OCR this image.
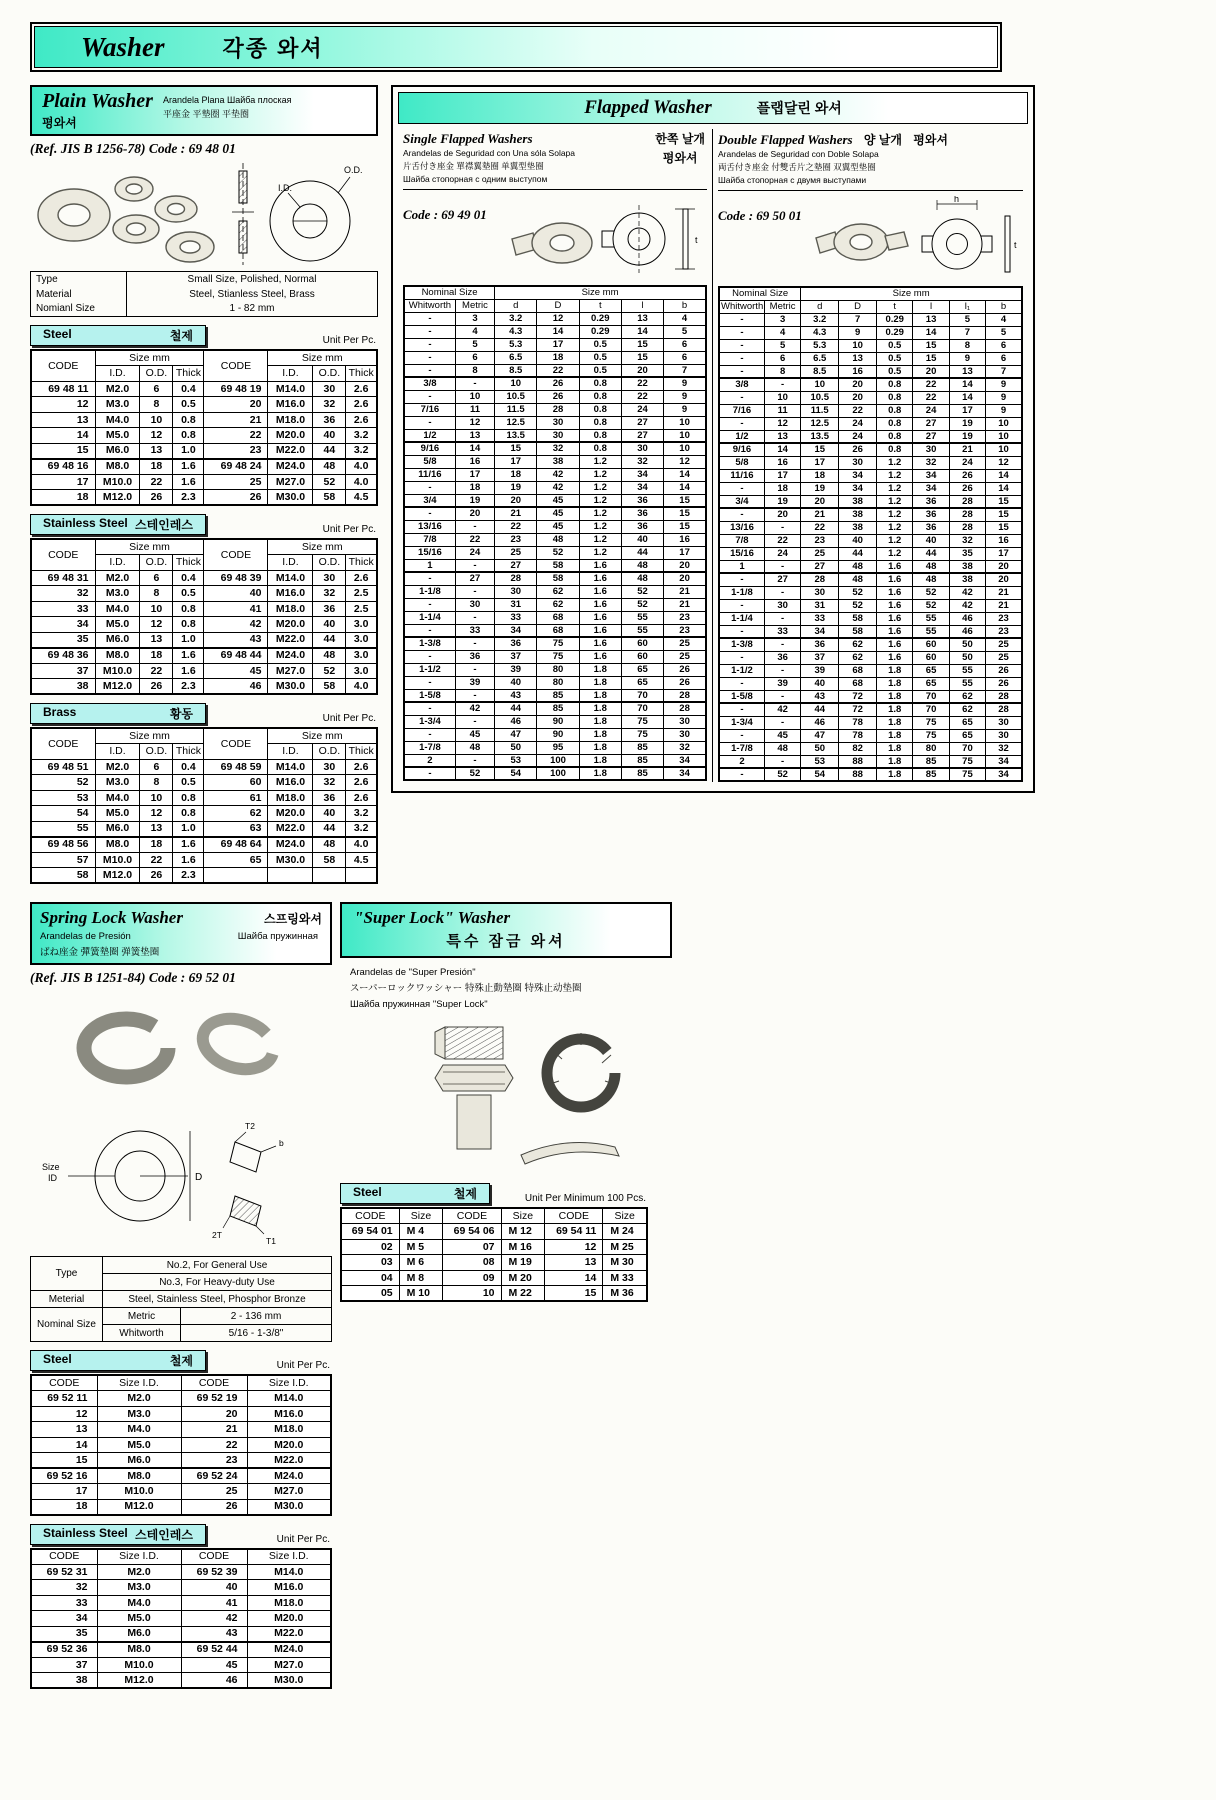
Washer	각종 와셔
Plain Washer
평와셔
Arandela Plana Шайба плоская
平座金 平墊圈 平垫圈
(Ref. JIS B 1256-78) Code : 69 48 01
I.D.
O.D.
Type	Small Size, Polished, Normal
Material	Steel, Stianless Steel, Brass
Nomianl Size	1 - 82 mm
Steel	철제	Unit Per Pc.
CODE	Size mm			CODE	Size mm		
	I.D.	O.D.	Thick		I.D.	O.D.	Thick
69 48 11	M2.0	6	0.4	69 48 19	M14.0	30	2.6
12	M3.0	8	0.5	20	M16.0	32	2.6
13	M4.0	10	0.8	21	M18.0	36	2.6
14	M5.0	12	0.8	22	M20.0	40	3.2
15	M6.0	13	1.0	23	M22.0	44	3.2
69 48 16	M8.0	18	1.6	69 48 24	M24.0	48	4.0
17	M10.0	22	1.6	25	M27.0	52	4.0
18	M12.0	26	2.3	26	M30.0	58	4.5
Stainless Steel 스테인레스	Unit Per Pc.
CODE	Size mm			CODE	Size mm		
	I.D.	O.D.	Thick		I.D.	O.D.	Thick
69 48 31	M2.0	6	0.4	69 48 39	M14.0	30	2.6
32	M3.0	8	0.5	40	M16.0	32	2.5
33	M4.0	10	0.8	41	M18.0	36	2.5
34	M5.0	12	0.8	42	M20.0	40	3.0
35	M6.0	13	1.0	43	M22.0	44	3.0
69 48 36	M8.0	18	1.6	69 48 44	M24.0	48	3.0
37	M10.0	22	1.6	45	M27.0	52	3.0
38	M12.0	26	2.3	46	M30.0	58	4.0
Brass	황동	Unit Per Pc.
CODE	Size mm			CODE	Size mm		
	I.D.	O.D.	Thick		I.D.	O.D.	Thick
69 48 51	M2.0	6	0.4	69 48 59	M14.0	30	2.6
52	M3.0	8	0.5	60	M16.0	32	2.6
53	M4.0	10	0.8	61	M18.0	36	2.6
54	M5.0	12	0.8	62	M20.0	40	3.2
55	M6.0	13	1.0	63	M22.0	44	3.2
69 48 56	M8.0	18	1.6	69 48 64	M24.0	48	4.0
57	M10.0	22	1.6	65	M30.0	58	4.5
58	M12.0	26	2.3				
Flapped Washer	플랩달린 와셔
Single Flapped Washers
Arandelas de Seguridad con Una sóla Solapa
片舌付き座金 單襟翼墊圈 单翼型垫圈
Шайба стопорная с одним выступом
한쪽 날개
평와셔
Code : 69 49 01
t
Nominal Size		Size mm				
Whitworth	Metric	d	D	t	l	b
-	3	3.2	12	0.29	13	4
-	4	4.3	14	0.29	14	5
-	5	5.3	17	0.5	15	6
-	6	6.5	18	0.5	15	6
-	8	8.5	22	0.5	20	7
3/8	-	10	26	0.8	22	9
-	10	10.5	26	0.8	22	9
7/16	11	11.5	28	0.8	24	9
-	12	12.5	30	0.8	27	10
1/2	13	13.5	30	0.8	27	10
9/16	14	15	32	0.8	30	10
5/8	16	17	38	1.2	32	12
11/16	17	18	42	1.2	34	14
-	18	19	42	1.2	34	14
3/4	19	20	45	1.2	36	15
-	20	21	45	1.2	36	15
13/16	-	22	45	1.2	36	15
7/8	22	23	48	1.2	40	16
15/16	24	25	52	1.2	44	17
1	-	27	58	1.6	48	20
-	27	28	58	1.6	48	20
1-1/8	-	30	62	1.6	52	21
-	30	31	62	1.6	52	21
1-1/4	-	33	68	1.6	55	23
-	33	34	68	1.6	55	23
1-3/8	-	36	75	1.6	60	25
-	36	37	75	1.6	60	25
1-1/2	-	39	80	1.8	65	26
-	39	40	80	1.8	65	26
1-5/8	-	43	85	1.8	70	28
-	42	44	85	1.8	70	28
1-3/4	-	46	90	1.8	75	30
-	45	47	90	1.8	75	30
1-7/8	48	50	95	1.8	85	32
2	-	53	100	1.8	85	34
-	52	54	100	1.8	85	34
Double Flapped Washers 양 날개 평와셔
Arandelas de Seguridad con Doble Solapa
両舌付き座金 付雙舌片之墊圈 双翼型垫圈
Шайба стопорная с двумя выступами
Code : 69 50 01
h
t
Nominal Size		Size mm					
Whitworth	Metric	d	D	t	l	l₁	b
-	3	3.2	7	0.29	13	5	4
-	4	4.3	9	0.29	14	7	5
-	5	5.3	10	0.5	15	8	6
-	6	6.5	13	0.5	15	9	6
-	8	8.5	16	0.5	20	13	7
3/8	-	10	20	0.8	22	14	9
-	10	10.5	20	0.8	22	14	9
7/16	11	11.5	22	0.8	24	17	9
-	12	12.5	24	0.8	27	19	10
1/2	13	13.5	24	0.8	27	19	10
9/16	14	15	26	0.8	30	21	10
5/8	16	17	30	1.2	32	24	12
11/16	17	18	34	1.2	34	26	14
-	18	19	34	1.2	34	26	14
3/4	19	20	38	1.2	36	28	15
-	20	21	38	1.2	36	28	15
13/16	-	22	38	1.2	36	28	15
7/8	22	23	40	1.2	40	32	16
15/16	24	25	44	1.2	44	35	17
1	-	27	48	1.6	48	38	20
-	27	28	48	1.6	48	38	20
1-1/8	-	30	52	1.6	52	42	21
-	30	31	52	1.6	52	42	21
1-1/4	-	33	58	1.6	55	46	23
-	33	34	58	1.6	55	46	23
1-3/8	-	36	62	1.6	60	50	25
-	36	37	62	1.6	60	50	25
1-1/2	-	39	68	1.8	65	55	26
-	39	40	68	1.8	65	55	26
1-5/8	-	43	72	1.8	70	62	28
-	42	44	72	1.8	70	62	28
1-3/4	-	46	78	1.8	75	65	30
-	45	47	78	1.8	75	65	30
1-7/8	48	50	82	1.8	80	70	32
2	-	53	88	1.8	85	75	34
-	52	54	88	1.8	85	75	34
Spring Lock Washer	스프링와셔
Arandelas de Presión	Шайба пружинная
ばね座金 彈簧墊圈 弹簧垫圈
(Ref. JIS B 1251-84) Code : 69 52 01
Size
ID	D
T2
b
2T
T1
Type	No.2, For General Use	
	No.3, For Heavy-duty Use	
Meterial	Steel, Stainless Steel, Phosphor Bronze	
Nominal Size	Metric	2 - 136 mm
	Whitworth	5/16 - 1-3/8"
Steel	철제	Unit Per Pc.
CODE	Size I.D.	CODE	Size I.D.
69 52 11	M2.0	69 52 19	M14.0
12	M3.0	20	M16.0
13	M4.0	21	M18.0
14	M5.0	22	M20.0
15	M6.0	23	M22.0
69 52 16	M8.0	69 52 24	M24.0
17	M10.0	25	M27.0
18	M12.0	26	M30.0
Stainless Steel 스테인레스	Unit Per Pc.
CODE	Size I.D.	CODE	Size I.D.
69 52 31	M2.0	69 52 39	M14.0
32	M3.0	40	M16.0
33	M4.0	41	M18.0
34	M5.0	42	M20.0
35	M6.0	43	M22.0
69 52 36	M8.0	69 52 44	M24.0
37	M10.0	45	M27.0
38	M12.0	46	M30.0
"Super Lock" Washer
특수 잠금 와셔
Arandelas de "Super Presión"
スーパーロックワッシャー 特殊止動墊圈 特殊止动垫圈
Шайба пружинная "Super Lock"
Steel	철제	Unit Per Minimum 100 Pcs.
CODE	Size	CODE	Size	CODE	Size
69 54 01	M 4	69 54 06	M 12	69 54 11	M 24
02	M 5	07	M 16	12	M 25
03	M 6	08	M 19	13	M 30
04	M 8	09	M 20	14	M 33
05	M 10	10	M 22	15	M 36
